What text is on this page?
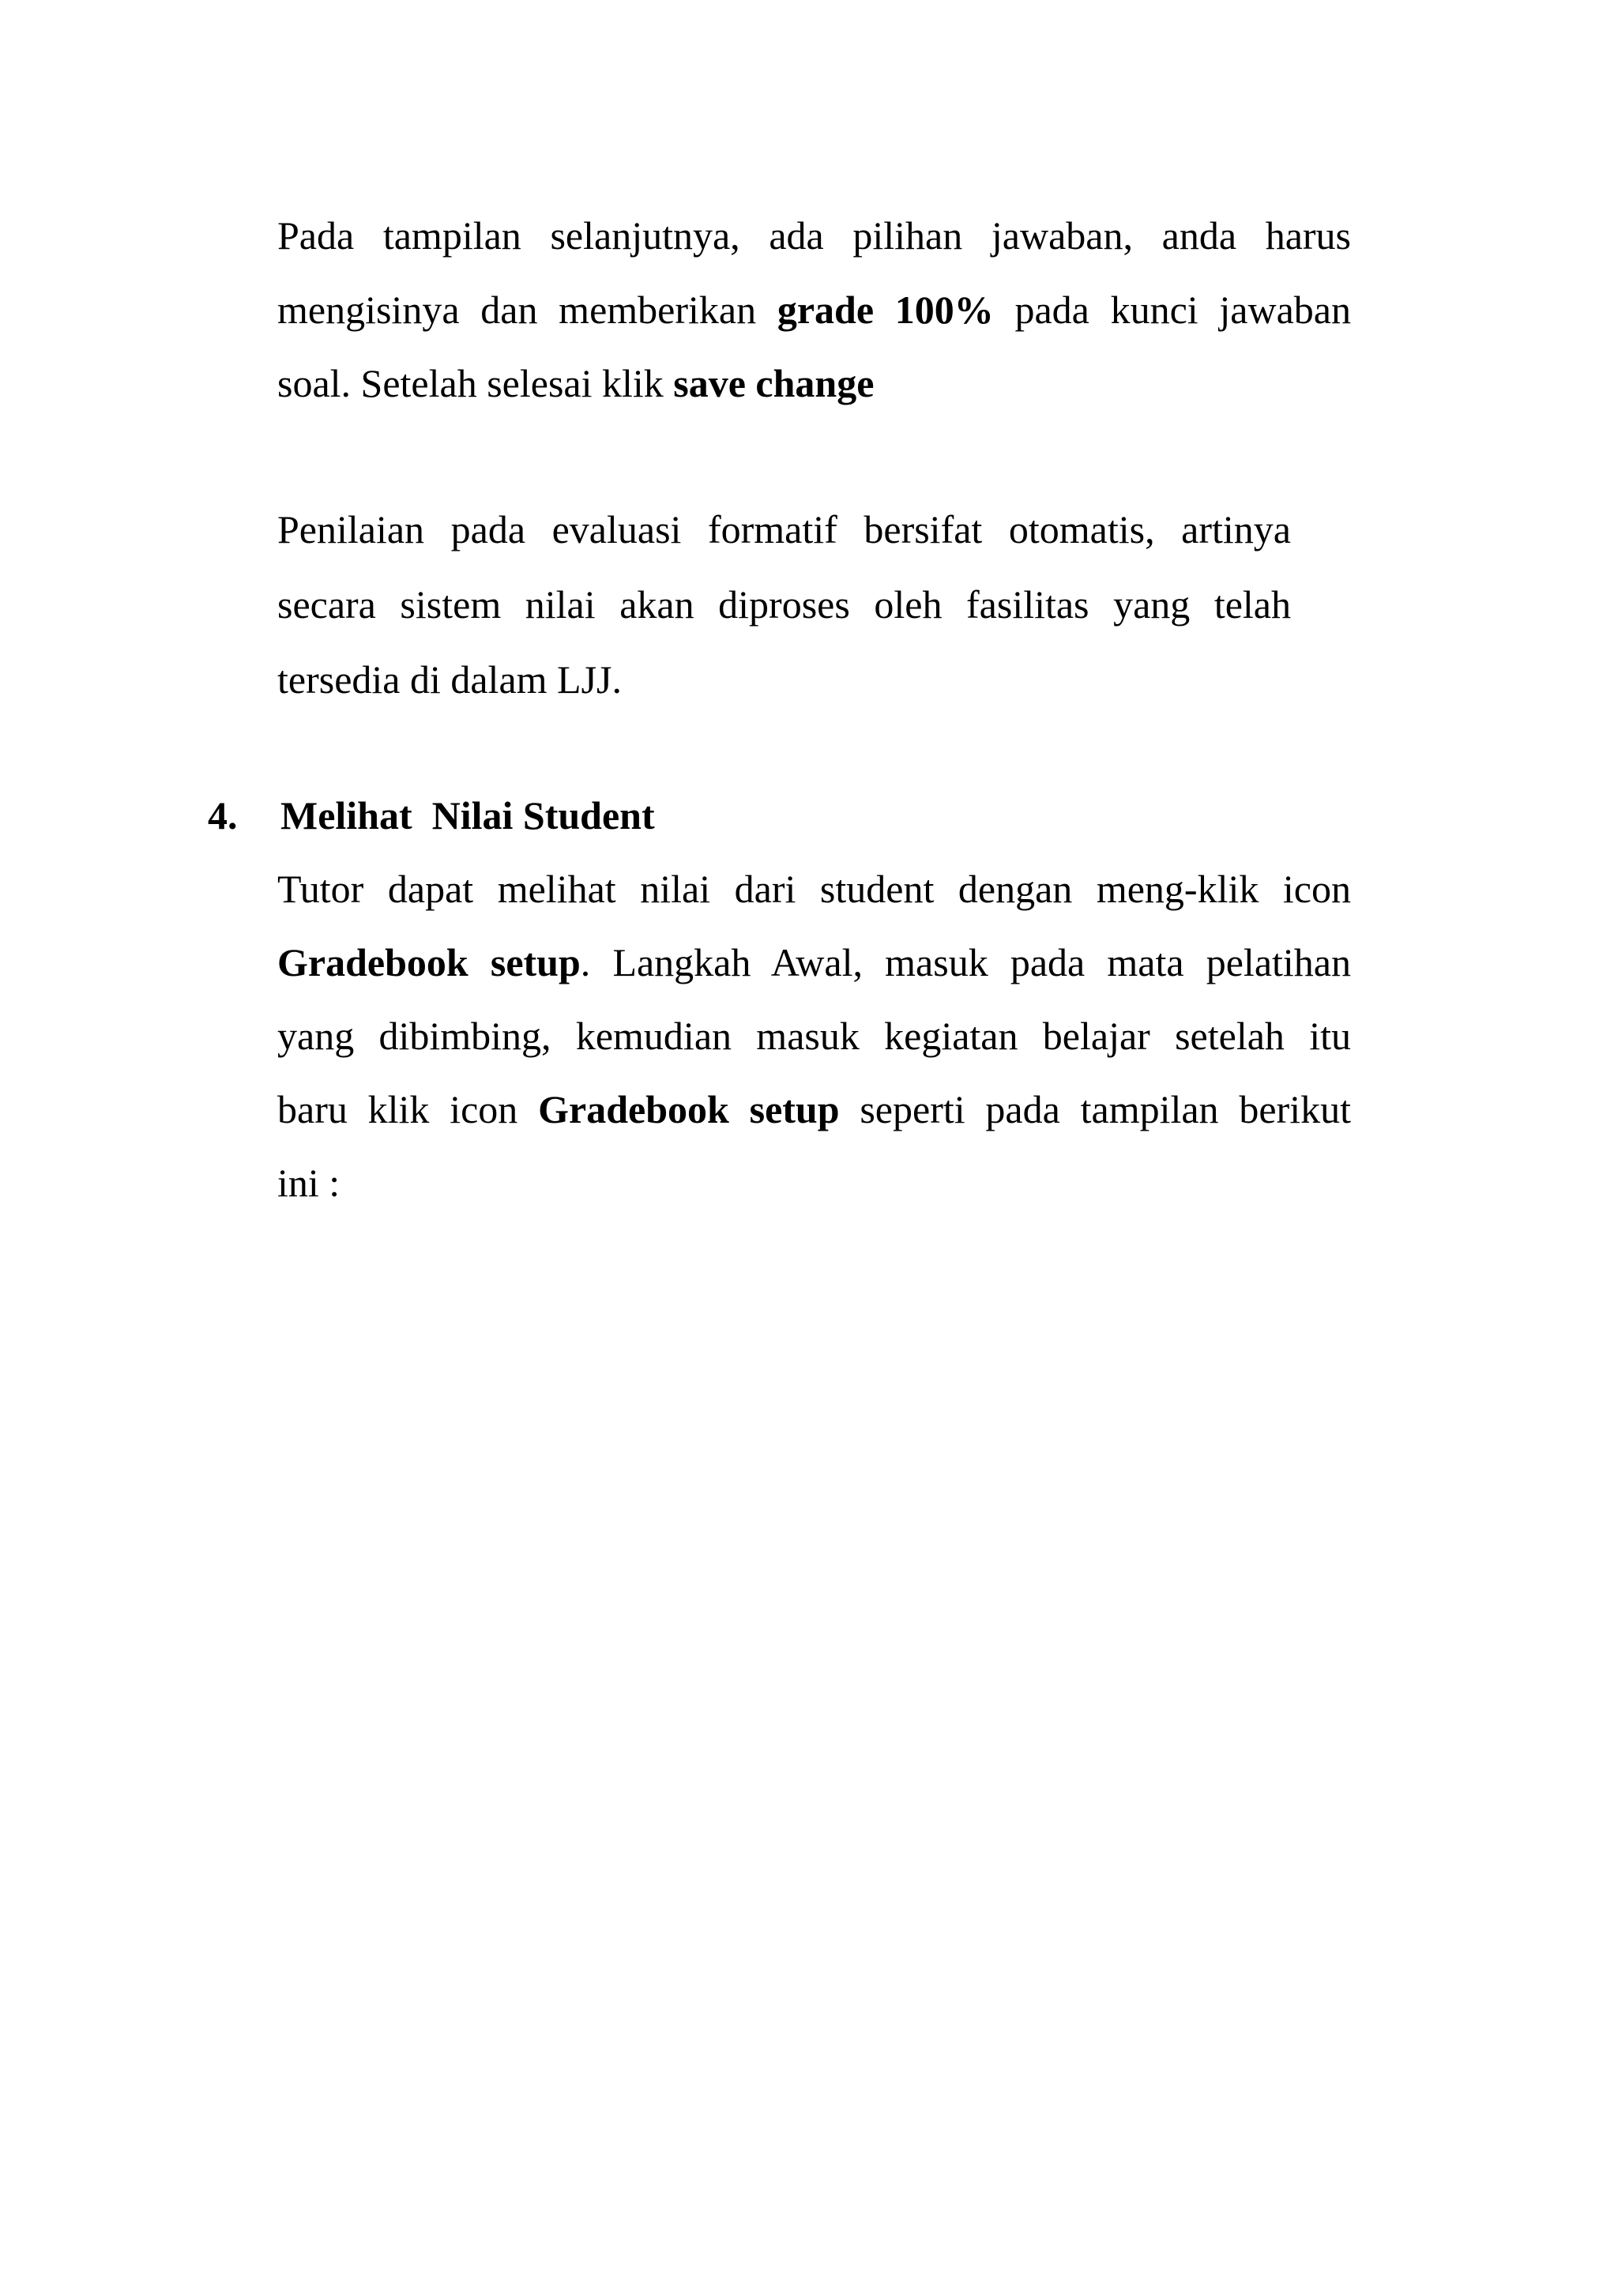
Pada tampilan selanjutnya, ada pilihan jawaban, anda harus
mengisinya dan memberikan grade 100% pada kunci jawaban
soal. Setelah selesai klik save change
Penilaian pada evaluasi formatif bersifat otomatis, artinya
secara sistem nilai akan diproses oleh fasilitas yang telah
tersedia di dalam LJJ.
4. Melihat  Nilai Student
Tutor dapat melihat nilai dari student dengan meng-klik icon
Gradebook setup. Langkah Awal, masuk pada mata pelatihan
yang dibimbing, kemudian masuk kegiatan belajar setelah itu
baru klik icon Gradebook setup seperti pada tampilan berikut
ini :
